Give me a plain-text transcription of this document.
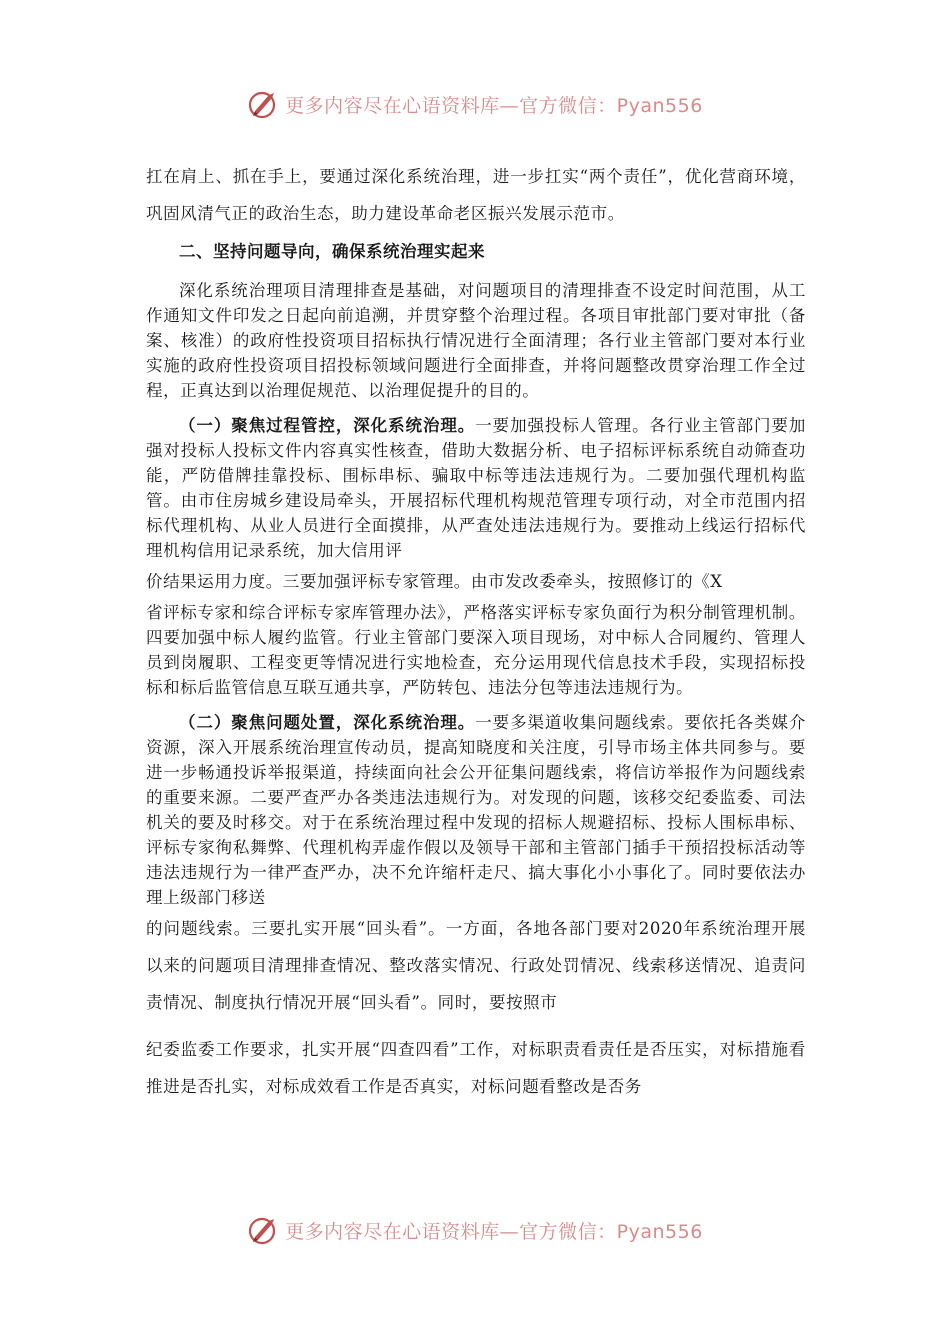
更多内容尽在心语资料库—官方微信：Pyan556

扛在肩上、抓在手上，要通过深化系统治理，进一步扛实“两个责任”，优化营商环境，巩固风清气正的政治生态，助力建设革命老区振兴发展示范市。

二、坚持问题导向，确保系统治理实起来

深化系统治理项目清理排查是基础，对问题项目的清理排查不设定时间范围，从工作通知文件印发之日起向前追溯，并贯穿整个治理过程。各项目审批部门要对审批（备案、核准）的政府性投资项目招标执行情况进行全面清理；各行业主管部门要对本行业实施的政府性投资项目招投标领域问题进行全面排查，并将问题整改贯穿治理工作全过程，正真达到以治理促规范、以治理促提升的目的。

（一）聚焦过程管控，深化系统治理。一要加强投标人管理。各行业主管部门要加强对投标人投标文件内容真实性核查，借助大数据分析、电子招标评标系统自动筛查功能，严防借牌挂靠投标、围标串标、骗取中标等违法违规行为。二要加强代理机构监管。由市住房城乡建设局牵头，开展招标代理机构规范管理专项行动，对全市范围内招标代理机构、从业人员进行全面摸排，从严查处违法违规行为。要推动上线运行招标代理机构信用记录系统，加大信用评

价结果运用力度。三要加强评标专家管理。由市发改委牵头，按照修订的《X

省评标专家和综合评标专家库管理办法》，严格落实评标专家负面行为积分制管理机制。四要加强中标人履约监管。行业主管部门要深入项目现场，对中标人合同履约、管理人员到岗履职、工程变更等情况进行实地检查，充分运用现代信息技术手段，实现招标投标和标后监管信息互联互通共享，严防转包、违法分包等违法违规行为。

（二）聚焦问题处置，深化系统治理。一要多渠道收集问题线索。要依托各类媒介资源，深入开展系统治理宣传动员，提高知晓度和关注度，引导市场主体共同参与。要进一步畅通投诉举报渠道，持续面向社会公开征集问题线索，将信访举报作为问题线索的重要来源。二要严查严办各类违法违规行为。对发现的问题，该移交纪委监委、司法机关的要及时移交。对于在系统治理过程中发现的招标人规避招标、投标人围标串标、评标专家徇私舞弊、代理机构弄虚作假以及领导干部和主管部门插手干预招投标活动等违法违规行为一律严查严办，决不允许缩杆走尺、搞大事化小小事化了。同时要依法办理上级部门移送

的问题线索。三要扎实开展“回头看”。一方面，各地各部门要对2020年系统治理开展以来的问题项目清理排查情况、整改落实情况、行政处罚情况、线索移送情况、追责问责情况、制度执行情况开展“回头看”。同时，要按照市

纪委监委工作要求，扎实开展“四查四看”工作，对标职责看责任是否压实，对标措施看推进是否扎实，对标成效看工作是否真实，对标问题看整改是否务

更多内容尽在心语资料库—官方微信：Pyan556
